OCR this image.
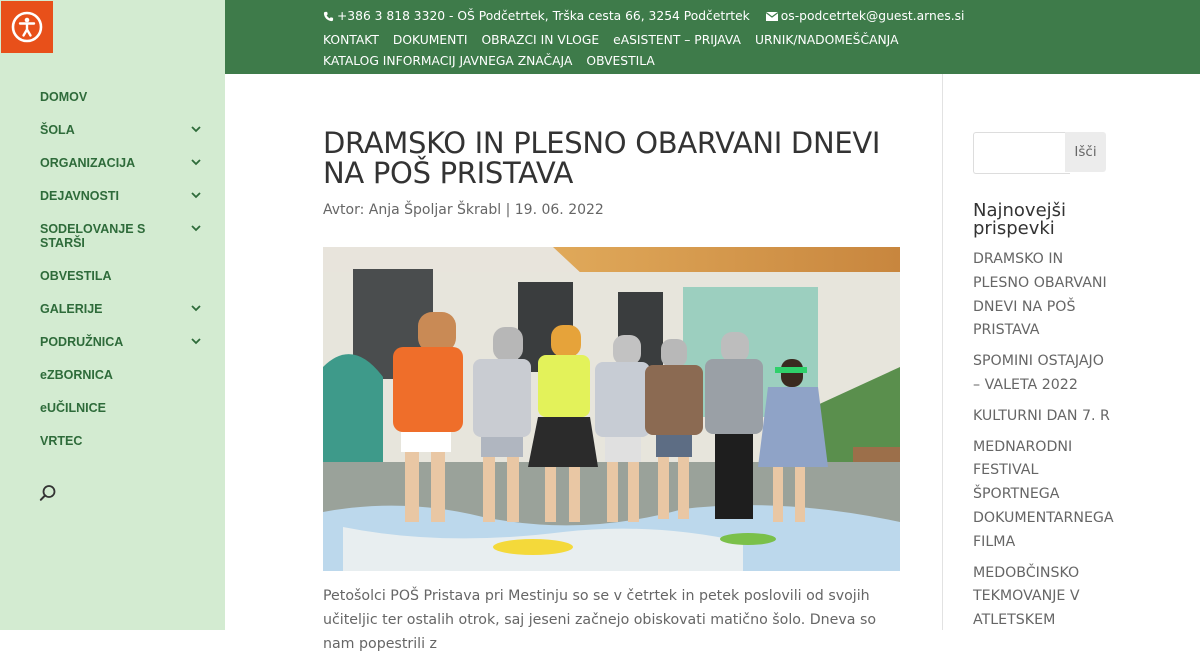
DOMOV
ŠOLA
ORGANIZACIJA
DEJAVNOSTI
SODELOVANJE S STARŠI
OBVESTILA
GALERIJE
PODRUŽNICA
eZBORNICA
eUČILNICE
VRTEC
+386 3 818 3320 - OŠ Podčetrtek, Trška cesta 66, 3254 Podčetrtek	os-podcetrtek@guest.arnes.si
KONTAKT DOKUMENTI OBRAZCI IN VLOGE eASISTENT – PRIJAVA URNIK/NADOMEŠČANJAKATALOG INFORMACIJ JAVNEGA ZNAČAJA OBVESTILA
DRAMSKO IN PLESNO OBARVANI DNEVI NA POŠ PRISTAVA
Avtor: Anja Špoljar Škrabl | 19. 06. 2022
Petošolci POŠ Pristava pri Mestinju so se v četrtek in petek poslovili od svojih učiteljic ter ostalih otrok, saj jeseni začnejo obiskovati matično šolo. Dneva so nam popestrili z
Išči
Najnovejši prispevki
DRAMSKO IN PLESNO OBARVANI DNEVI NA POŠ PRISTAVA
SPOMINI OSTAJAJO – VALETA 2022
KULTURNI DAN 7. R
MEDNARODNI FESTIVAL ŠPORTNEGA DOKUMENTARNEGA FILMA
MEDOBČINSKO TEKMOVANJE V ATLETSKEM
